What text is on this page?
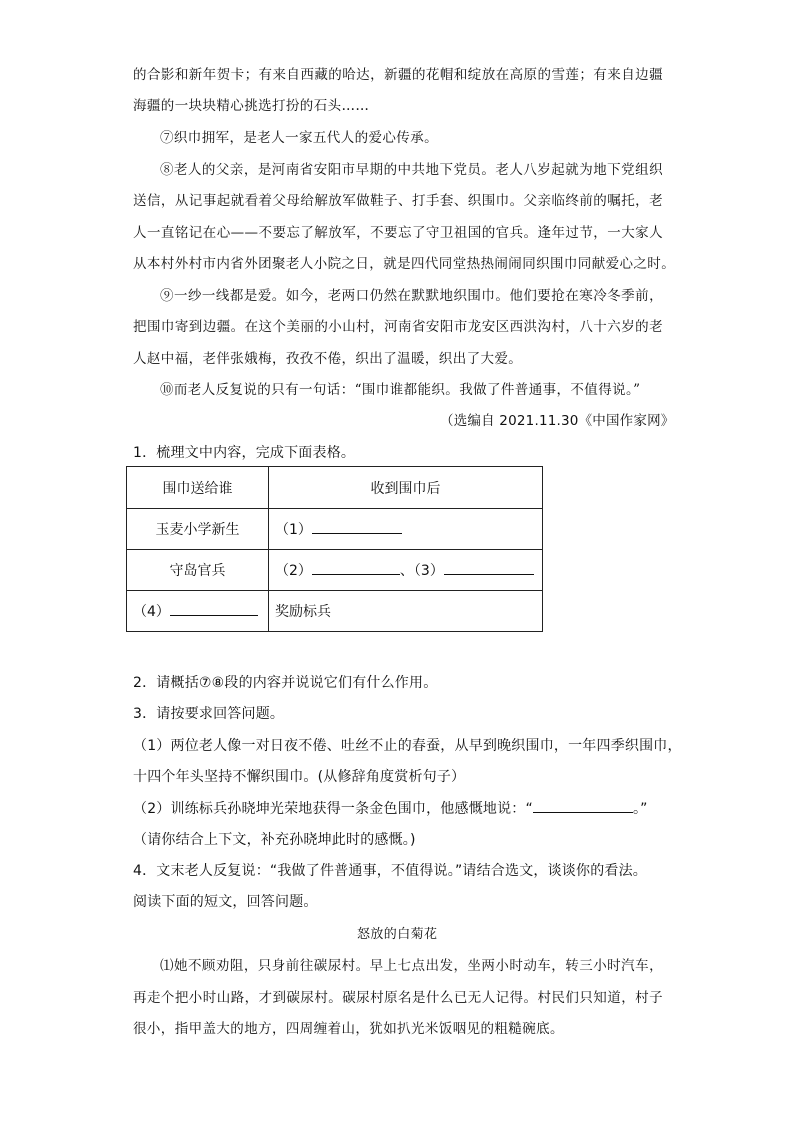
的合影和新年贺卡；有来自西藏的哈达，新疆的花帽和绽放在高原的雪莲；有来自边疆
海疆的一块块精心挑选打扮的石头……
⑦织巾拥军，是老人一家五代人的爱心传承。
⑧老人的父亲，是河南省安阳市早期的中共地下党员。老人八岁起就为地下党组织
送信，从记事起就看着父母给解放军做鞋子、打手套、织围巾。父亲临终前的嘱托，老
人一直铭记在心——不要忘了解放军，不要忘了守卫祖国的官兵。逢年过节，一大家人
从本村外村市内省外团聚老人小院之日，就是四代同堂热热闹闹同织围巾同献爱心之时。
⑨一纱一线都是爱。如今，老两口仍然在默默地织围巾。他们要抢在寒冷冬季前，
把围巾寄到边疆。在这个美丽的小山村，河南省安阳市龙安区西洪沟村，八十六岁的老
人赵中福，老伴张娥梅，孜孜不倦，织出了温暖，织出了大爱。
⑩而老人反复说的只有一句话：“围巾谁都能织。我做了件普通事，不值得说。”
（选编自 2021.11.30《中国作家网》
1．梳理文中内容，完成下面表格。
围巾送给谁	收到围巾后
玉麦小学新生	（1）
守岛官兵	（2） 、（3）
（4）	奖励标兵
2．请概括⑦⑧段的内容并说说它们有什么作用。
3．请按要求回答问题。
（1）两位老人像一对日夜不倦、吐丝不止的春蚕，从早到晚织围巾，一年四季织围巾，
十四个年头坚持不懈织围巾。(从修辞角度赏析句子）
（2）训练标兵孙晓坤光荣地获得一条金色围巾，他感慨地说：“	。”
（请你结合上下文，补充孙晓坤此时的感慨。)
4．文末老人反复说：“我做了件普通事，不值得说。”请结合选文，谈谈你的看法。
阅读下面的短文，回答问题。
怒放的白菊花
⑴她不顾劝阻，只身前往碳尿村。早上七点出发，坐两小时动车，转三小时汽车，
再走个把小时山路，才到碳尿村。碳尿村原名是什么已无人记得。村民们只知道，村子
很小，指甲盖大的地方，四周缠着山，犹如扒光米饭咽见的粗糙碗底。
